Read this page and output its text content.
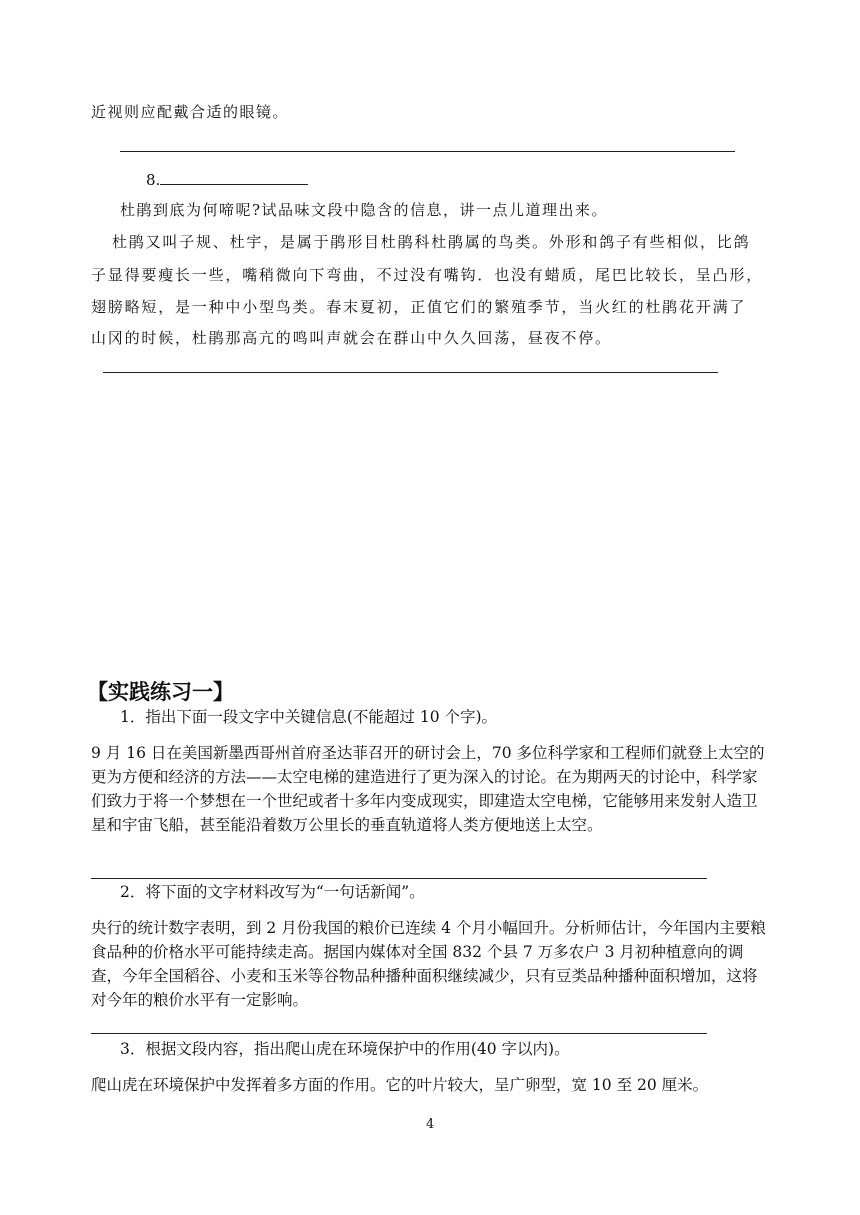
近视则应配戴合适的眼镜。
8.
杜鹃到底为何啼呢?试品味文段中隐含的信息，讲一点儿道理出来。
杜鹃又叫子规、杜宇，是属于鹃形目杜鹃科杜鹃属的鸟类。外形和鸽子有些相似，比鸽
子显得要瘦长一些，嘴稍微向下弯曲，不过没有嘴钩．也没有蜡质，尾巴比较长，呈凸形，
翅膀略短，是一种中小型鸟类。春末夏初，正值它们的繁殖季节，当火红的杜鹃花开满了
山冈的时候，杜鹃那高亢的鸣叫声就会在群山中久久回荡，昼夜不停。
【实践练习一】
1．指出下面一段文字中关键信息(不能超过 10 个字)。
9 月 16 日在美国新墨西哥州首府圣达菲召开的研讨会上，70 多位科学家和工程师们就登上太空的更为方便和经济的方法——太空电梯的建造进行了更为深入的讨论。在为期两天的讨论中，科学家们致力于将一个梦想在一个世纪或者十多年内变成现实，即建造太空电梯，它能够用来发射人造卫星和宇宙飞船，甚至能沿着数万公里长的垂直轨道将人类方便地送上太空。
2．将下面的文字材料改写为“一句话新闻”。
央行的统计数字表明，到 2 月份我国的粮价已连续 4 个月小幅回升。分析师估计，今年国内主要粮食品种的价格水平可能持续走高。据国内媒体对全国 832 个县 7 万多农户 3 月初种植意向的调查，今年全国稻谷、小麦和玉米等谷物品种播种面积继续减少，只有豆类品种播种面积增加，这将对今年的粮价水平有一定影响。
3．根据文段内容，指出爬山虎在环境保护中的作用(40 字以内)。
爬山虎在环境保护中发挥着多方面的作用。它的叶片较大，呈广卵型，宽 10 至 20 厘米。
4
